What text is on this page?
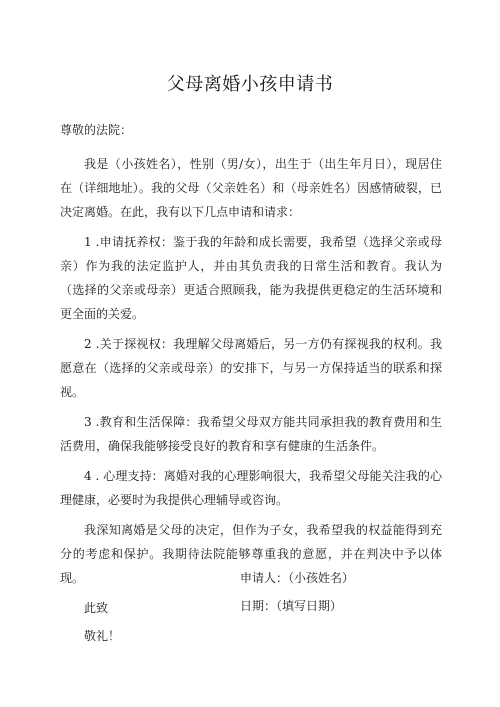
父母离婚小孩申请书

尊敬的法院：

我是（小孩姓名），性别（男/女），出生于（出生年月日），现居住在（详细地址）。我的父母（父亲姓名）和（母亲姓名）因感情破裂，已决定离婚。在此，我有以下几点申请和请求：

1 .申请抚养权：鉴于我的年龄和成长需要，我希望（选择父亲或母亲）作为我的法定监护人，并由其负责我的日常生活和教育。我认为（选择的父亲或母亲）更适合照顾我，能为我提供更稳定的生活环境和更全面的关爱。

2 .关于探视权：我理解父母离婚后，另一方仍有探视我的权利。我愿意在（选择的父亲或母亲）的安排下，与另一方保持适当的联系和探视。

3 .教育和生活保障：我希望父母双方能共同承担我的教育费用和生活费用，确保我能够接受良好的教育和享有健康的生活条件。

4 . 心理支持：离婚对我的心理影响很大，我希望父母能关注我的心理健康，必要时为我提供心理辅导或咨询。

我深知离婚是父母的决定，但作为子女，我希望我的权益能得到充分的考虑和保护。我期待法院能够尊重我的意愿，并在判决中予以体现。

此致

敬礼！

申请人：（小孩姓名）
日期：（填写日期）
